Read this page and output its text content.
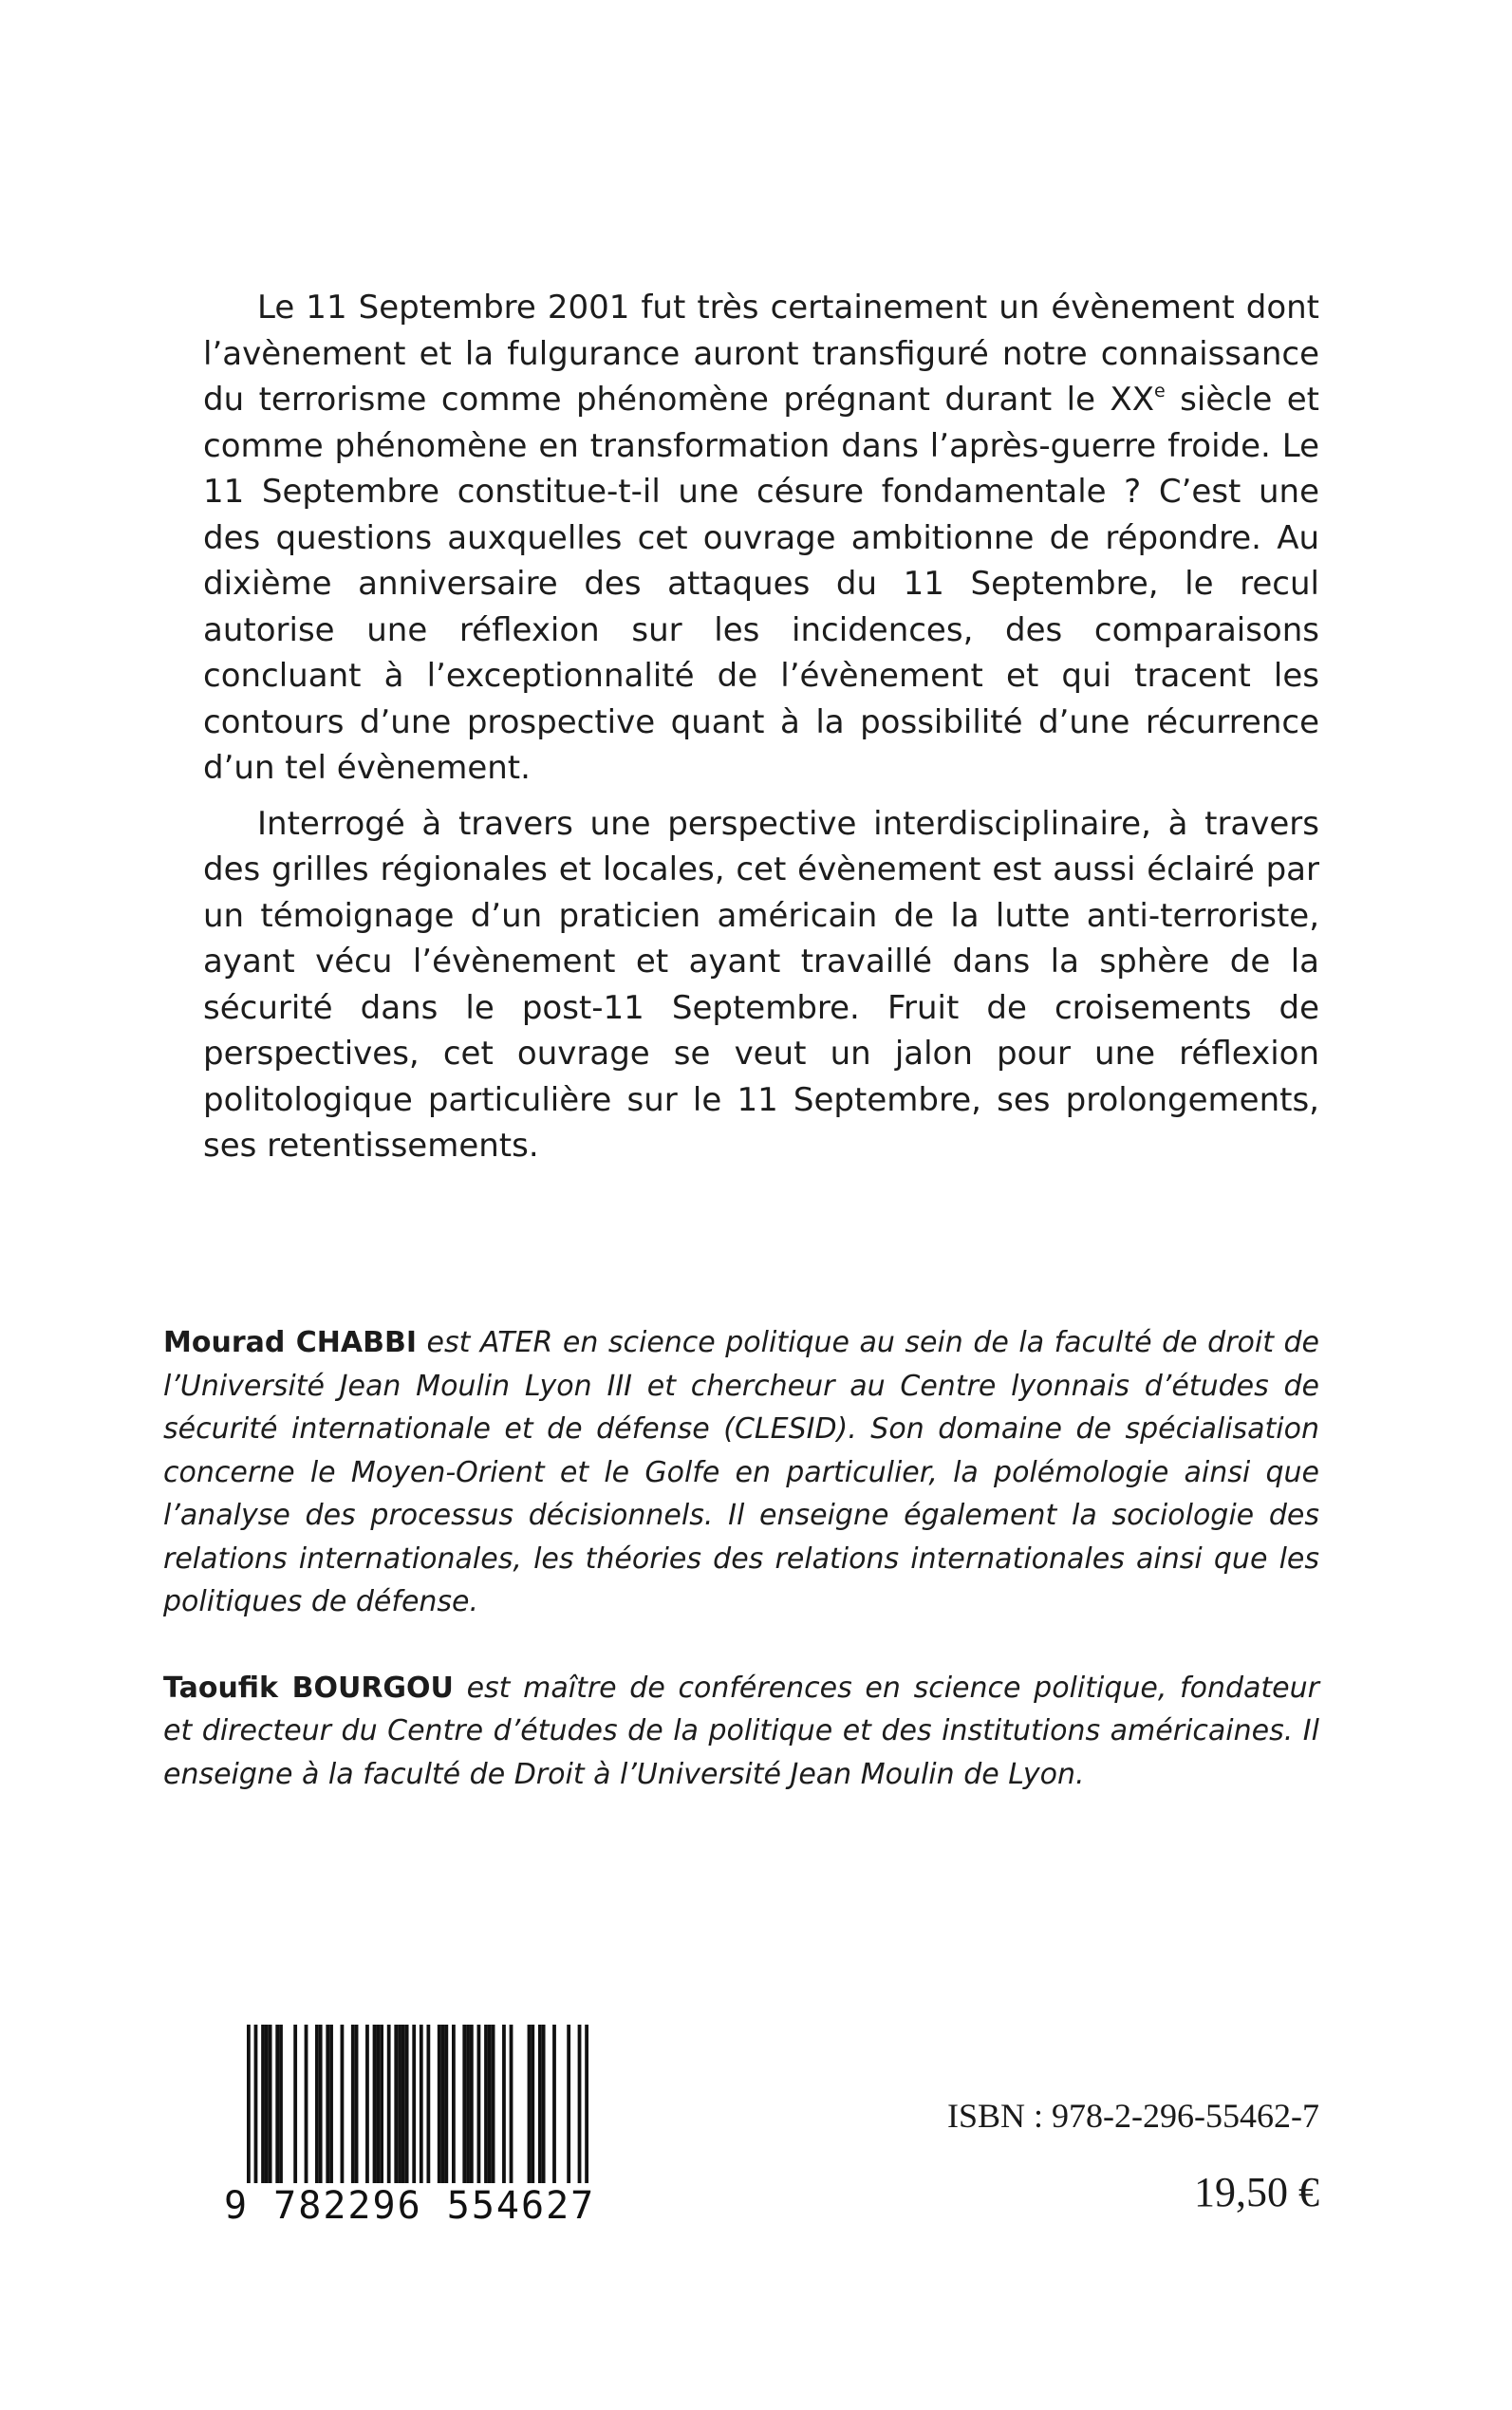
Le 11 Septembre 2001 fut très certainement un évènement dont l’avènement et la fulgurance auront transfiguré notre connaissance du terrorisme comme phénomène prégnant durant le XXe siècle et comme phénomène en transformation dans l’après-guerre froide. Le 11 Septembre constitue-t-il une césure fondamentale ? C’est une des questions auxquelles cet ouvrage ambitionne de répondre. Au dixième anniversaire des attaques du 11 Septembre, le recul autorise une réflexion sur les incidences, des comparaisons concluant à l’exceptionnalité de l’évènement et qui tracent les contours d’une prospective quant à la possibilité d’une récurrence d’un tel évènement.

Interrogé à travers une perspective interdisciplinaire, à travers des grilles régionales et locales, cet évènement est aussi éclairé par un témoignage d’un praticien américain de la lutte anti-terroriste, ayant vécu l’évènement et ayant travaillé dans la sphère de la sécurité dans le post-11 Septembre. Fruit de croisements de perspectives, cet ouvrage se veut un jalon pour une réflexion politologique particulière sur le 11 Septembre, ses prolongements, ses retentissements.

Mourad CHABBI est ATER en science politique au sein de la faculté de droit de l’Université Jean Moulin Lyon III et chercheur au Centre lyonnais d’études de sécurité internationale et de défense (CLESID). Son domaine de spécialisation concerne le Moyen-Orient et le Golfe en particulier, la polémologie ainsi que l’analyse des processus décisionnels. Il enseigne également la sociologie des relations internationales, les théories des relations internationales ainsi que les politiques de défense.

Taoufik BOURGOU est maître de conférences en science politique, fondateur et directeur du Centre d’études de la politique et des institutions américaines. Il enseigne à la faculté de Droit à l’Université Jean Moulin de Lyon.

9 782296 554627
ISBN : 978-2-296-55462-7
19,50 €
